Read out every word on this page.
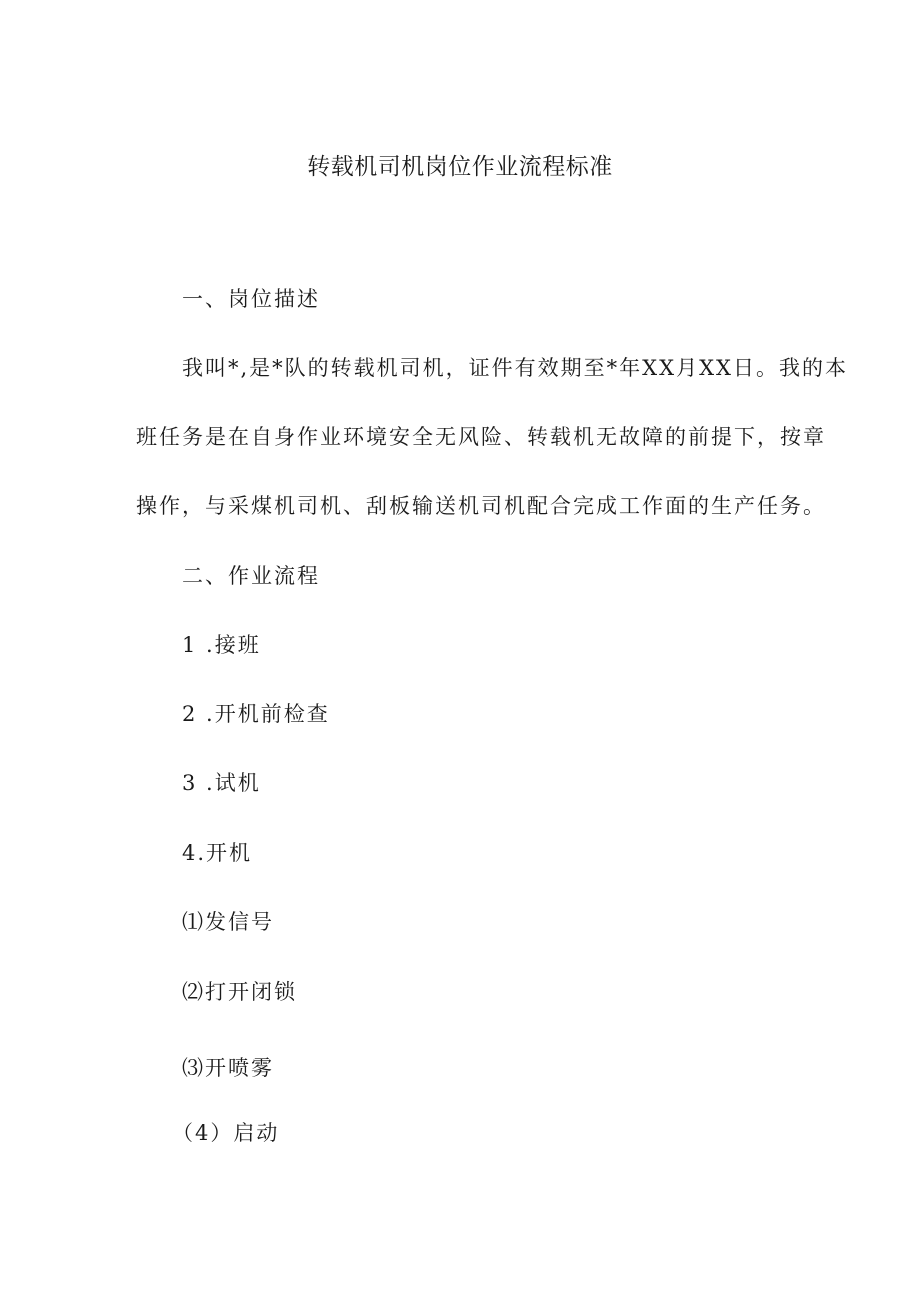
转载机司机岗位作业流程标准
一、岗位描述
我叫*,是*队的转载机司机，证件有效期至*年XX月XX日。我的本
班任务是在自身作业环境安全无风险、转载机无故障的前提下，按章
操作，与采煤机司机、刮板输送机司机配合完成工作面的生产任务。
二、作业流程
1 .接班
2 .开机前检查
3 .试机
4.开机
⑴发信号
⑵打开闭锁
⑶开喷雾
（4）启动
